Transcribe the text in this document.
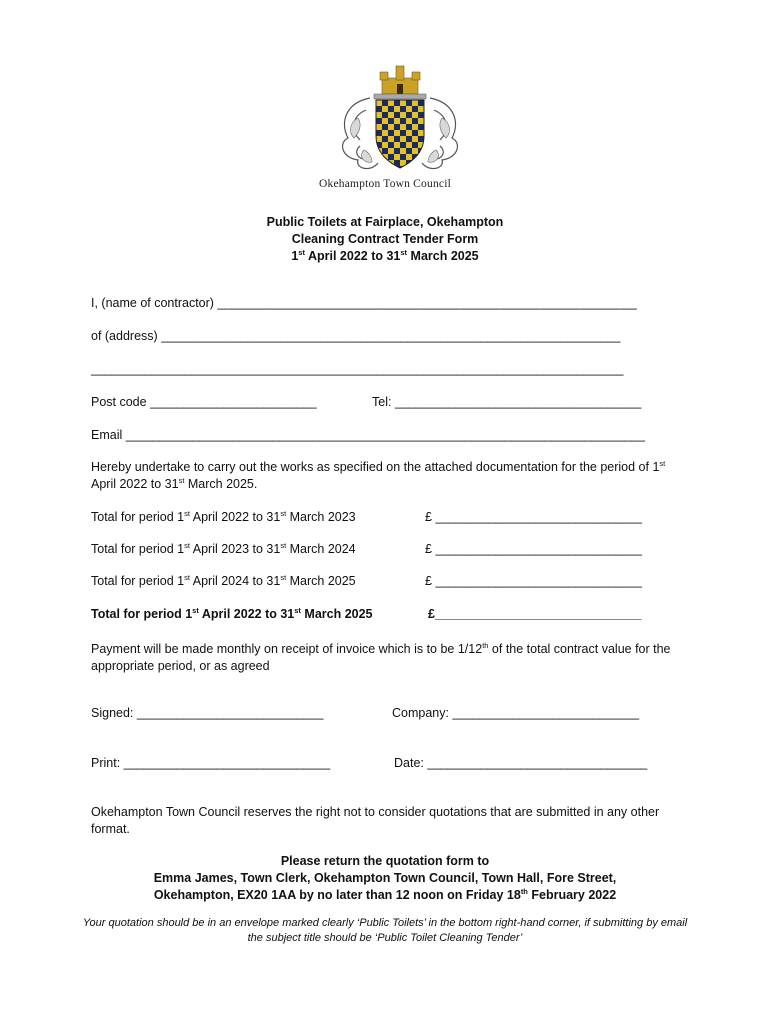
Okehampton Town Council
Public Toilets at Fairplace, Okehampton
Cleaning Contract Tender Form
1st April 2022 to 31st March 2025
I, (name of contractor) _______________________________________________________________
of (address) _____________________________________________________________________
________________________________________________________________________________
Post code _________________________	Tel: _____________________________________
Email ______________________________________________________________________________
Hereby undertake to carry out the works as specified on the attached documentation for the period of 1st April 2022 to 31st March 2025.
Total for period 1st April 2022 to 31st March 2023	£ _______________________________
Total for period 1st April 2023 to 31st March 2024	£ _______________________________
Total for period 1st April 2024 to 31st March 2025	£ _______________________________
Total for period 1st April 2022 to 31st March 2025	£_______________________________
Payment will be made monthly on receipt of invoice which is to be 1/12th of the total contract value for the appropriate period, or as agreed
Signed: ____________________________	Company: ____________________________
Print: _______________________________	Date: _________________________________
Okehampton Town Council reserves the right not to consider quotations that are submitted in any other format.
Please return the quotation form to
Emma James, Town Clerk, Okehampton Town Council, Town Hall, Fore Street,
Okehampton, EX20 1AA by no later than 12 noon on Friday 18th February 2022
Your quotation should be in an envelope marked clearly ‘Public Toilets’ in the bottom right-hand corner, if submitting by email the subject title should be ‘Public Toilet Cleaning Tender’
